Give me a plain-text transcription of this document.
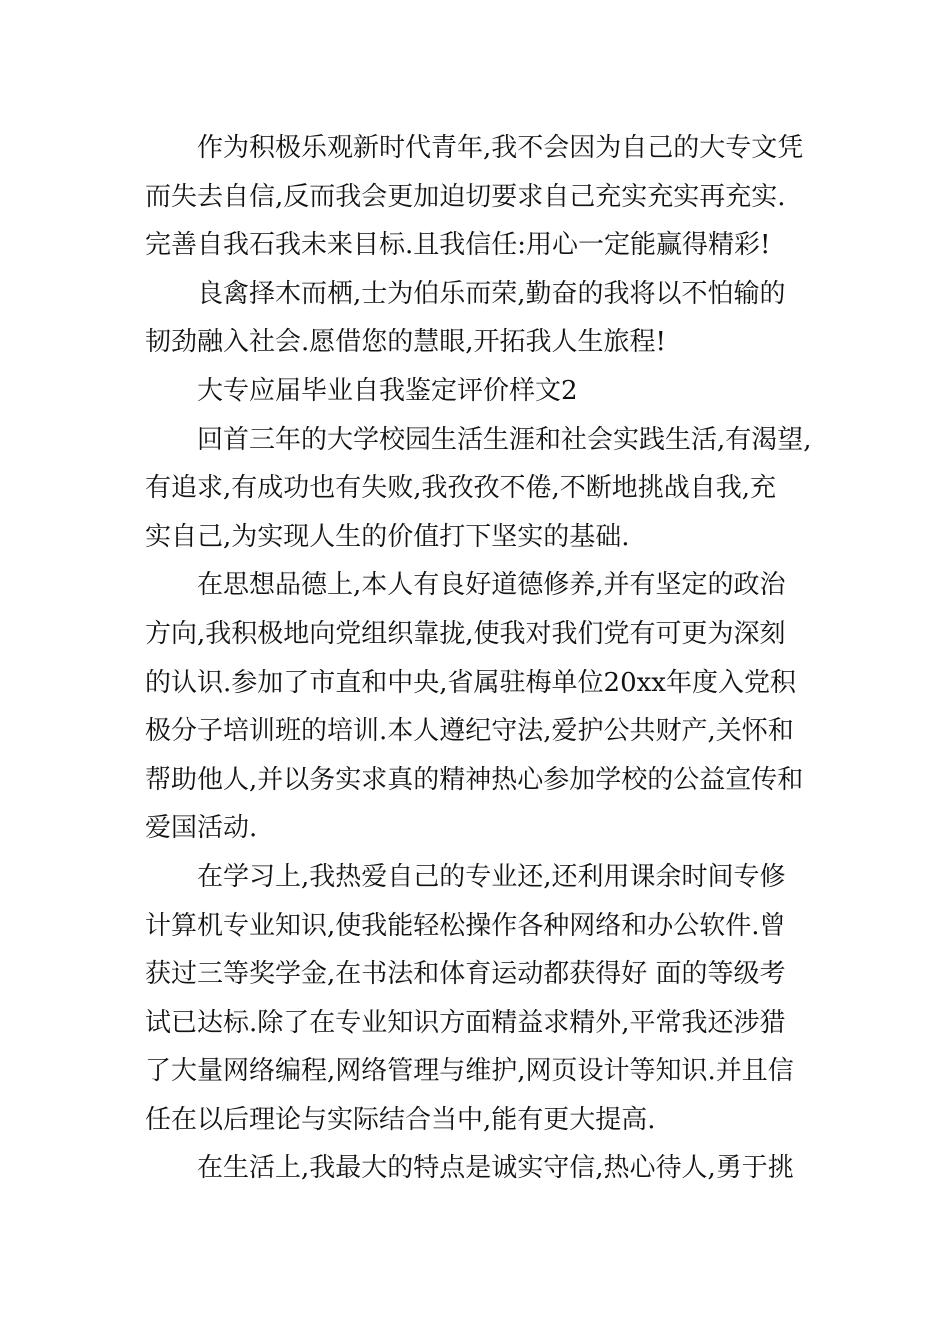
作为积极乐观新时代青年,我不会因为自己的大专文凭
而失去自信,反而我会更加迫切要求自己充实充实再充实.
完善自我石我未来目标.且我信任:用心一定能赢得精彩!
良禽择木而栖,士为伯乐而荣,勤奋的我将以不怕输的
韧劲融入社会.愿借您的慧眼,开拓我人生旅程!
大专应届毕业自我鉴定评价样文2
回首三年的大学校园生活生涯和社会实践生活,有渴望,
有追求,有成功也有失败,我孜孜不倦,不断地挑战自我,充
实自己,为实现人生的价值打下坚实的基础.
在思想品德上,本人有良好道德修养,并有坚定的政治
方向,我积极地向党组织靠拢,使我对我们党有可更为深刻
的认识.参加了市直和中央,省属驻梅单位20xx年度入党积
极分子培训班的培训.本人遵纪守法,爱护公共财产,关怀和
帮助他人,并以务实求真的精神热心参加学校的公益宣传和
爱国活动.
在学习上,我热爱自己的专业还,还利用课余时间专修
计算机专业知识,使我能轻松操作各种网络和办公软件.曾
获过三等奖学金,在书法和体育运动都获得好 面的等级考
试已达标.除了在专业知识方面精益求精外,平常我还涉猎
了大量网络编程,网络管理与维护,网页设计等知识.并且信
任在以后理论与实际结合当中,能有更大提高.
在生活上,我最大的特点是诚实守信,热心待人,勇于挑
